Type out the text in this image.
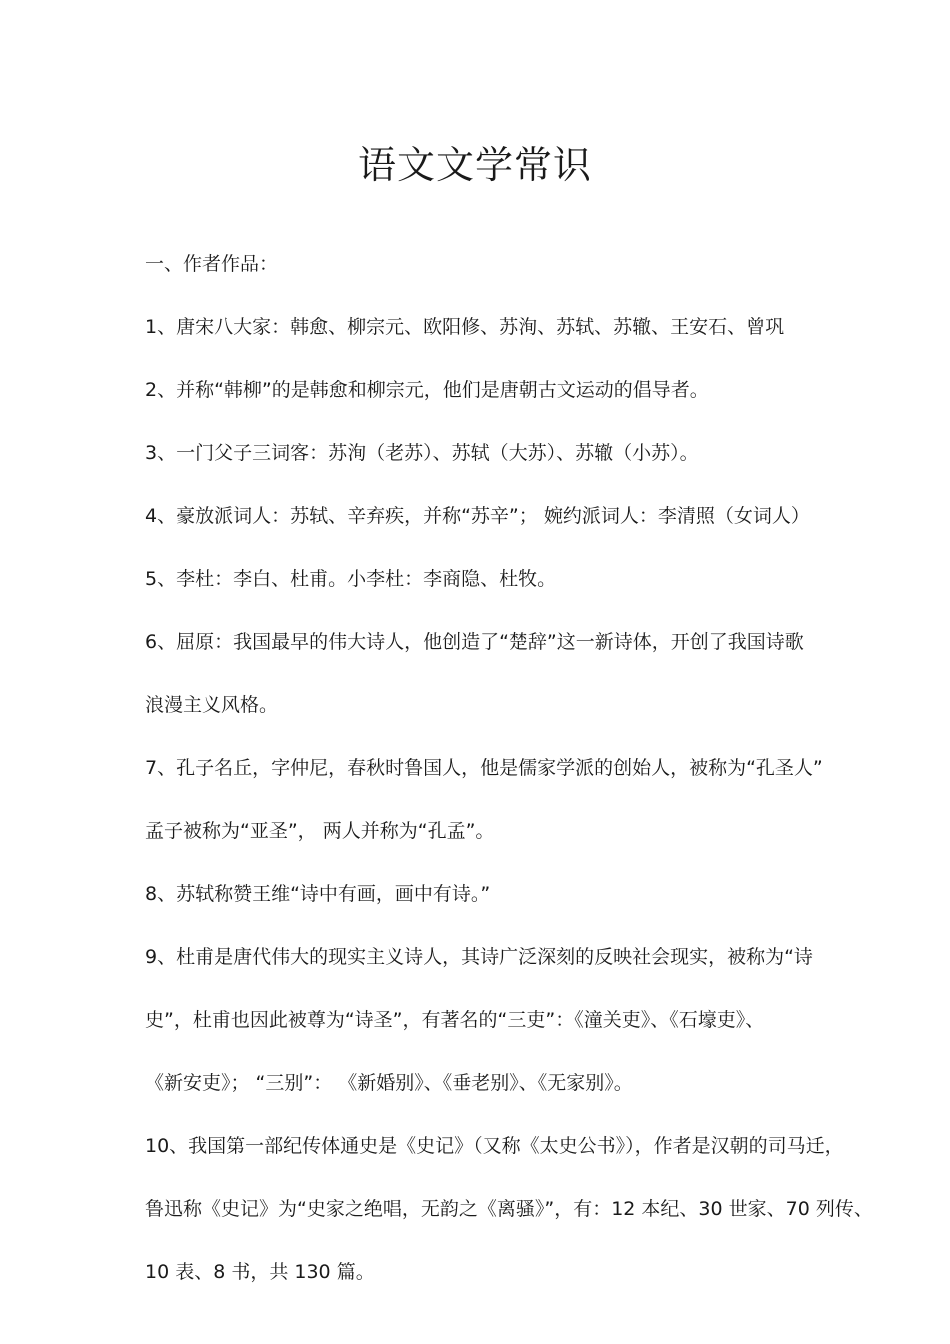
语文文学常识

一、作者作品：

1、唐宋八大家：韩愈、柳宗元、欧阳修、苏洵、苏轼、苏辙、王安石、曾巩

2、并称“韩柳”的是韩愈和柳宗元，他们是唐朝古文运动的倡导者。

3、一门父子三词客：苏洵（老苏）、苏轼（大苏）、苏辙（小苏）。

4、豪放派词人：苏轼、辛弃疾，并称“苏辛”； 婉约派词人：李清照（女词人）

5、李杜：李白、杜甫。小李杜：李商隐、杜牧。

6、屈原：我国最早的伟大诗人，他创造了“楚辞”这一新诗体，开创了我国诗歌

浪漫主义风格。

7、孔子名丘，字仲尼，春秋时鲁国人，他是儒家学派的创始人，被称为“孔圣人”

孟子被称为“亚圣”， 两人并称为“孔孟”。

8、苏轼称赞王维“诗中有画，画中有诗。”

9、杜甫是唐代伟大的现实主义诗人，其诗广泛深刻的反映社会现实，被称为“诗

史”，杜甫也因此被尊为“诗圣”，有著名的“三吏”：《潼关吏》、《石壕吏》、

《新安吏》； “三别”： 《新婚别》、《垂老别》、《无家别》。

10、我国第一部纪传体通史是《史记》（又称《太史公书》），作者是汉朝的司马迁，

鲁迅称《史记》为“史家之绝唱，无韵之《离骚》”，有：12 本纪、30 世家、70 列传、

10 表、8 书，共 130 篇。
